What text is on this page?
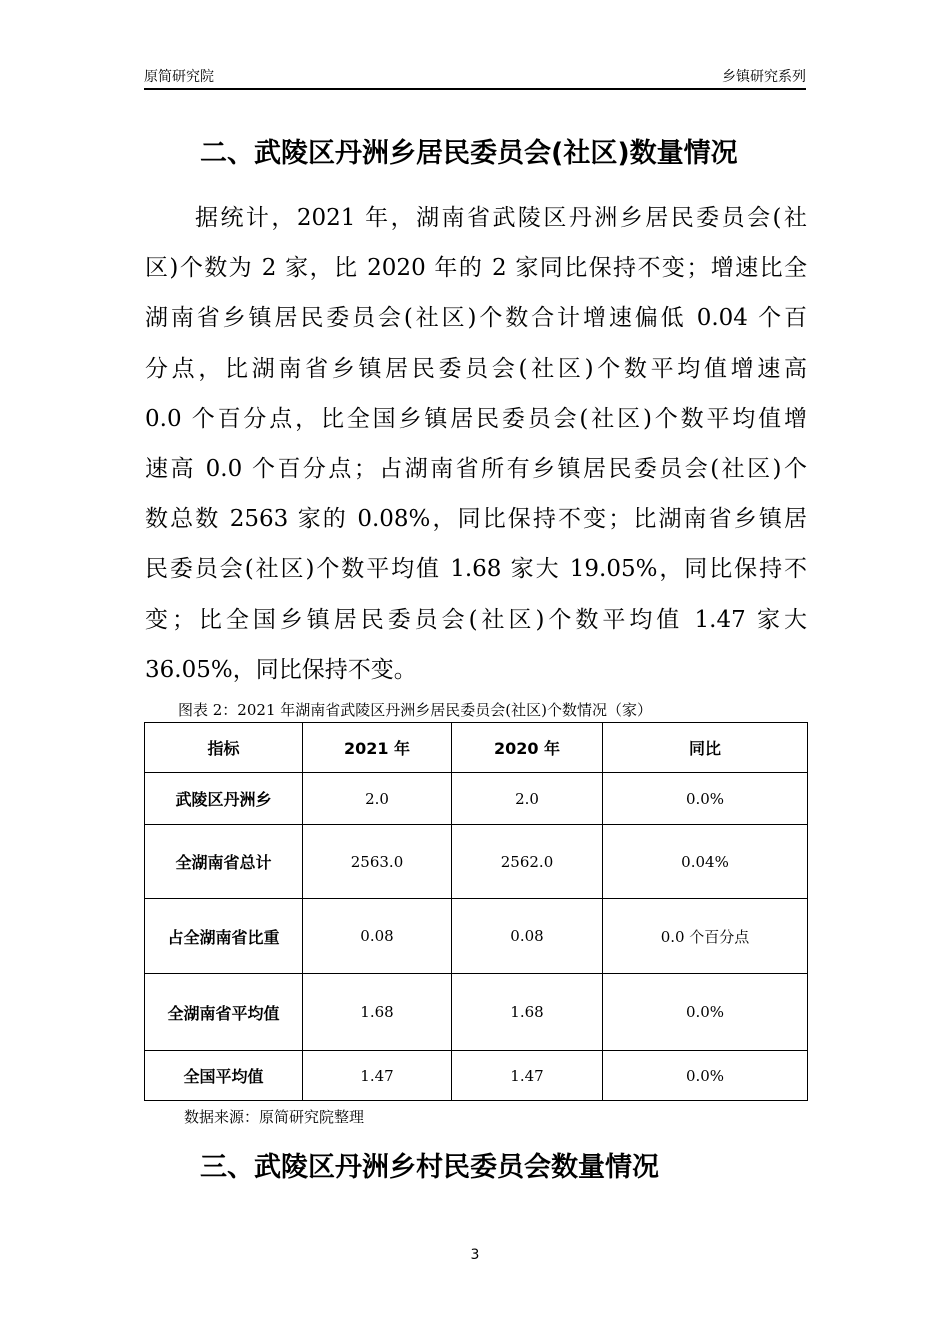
原简研究院	乡镇研究系列
二、武陵区丹洲乡居民委员会(社区)数量情况
据统计，2021 年，湖南省武陵区丹洲乡居民委员会(社
区)个数为 2 家，比 2020 年的 2 家同比保持不变；增速比全
湖南省乡镇居民委员会(社区)个数合计增速偏低 0.04 个百
分点，比湖南省乡镇居民委员会(社区)个数平均值增速高
0.0 个百分点，比全国乡镇居民委员会(社区)个数平均值增
速高 0.0 个百分点；占湖南省所有乡镇居民委员会(社区)个
数总数 2563 家的 0.08%，同比保持不变；比湖南省乡镇居
民委员会(社区)个数平均值 1.68 家大 19.05%，同比保持不
变；比全国乡镇居民委员会(社区)个数平均值 1.47 家大
36.05%，同比保持不变。
图表 2：2021 年湖南省武陵区丹洲乡居民委员会(社区)个数情况（家）
指标	2021 年	2020 年	同比
武陵区丹洲乡	2.0	2.0	0.0%
全湖南省总计	2563.0	2562.0	0.04%
占全湖南省比重	0.08	0.08	0.0 个百分点
全湖南省平均值	1.68	1.68	0.0%
全国平均值	1.47	1.47	0.0%
数据来源：原简研究院整理
三、武陵区丹洲乡村民委员会数量情况
3
